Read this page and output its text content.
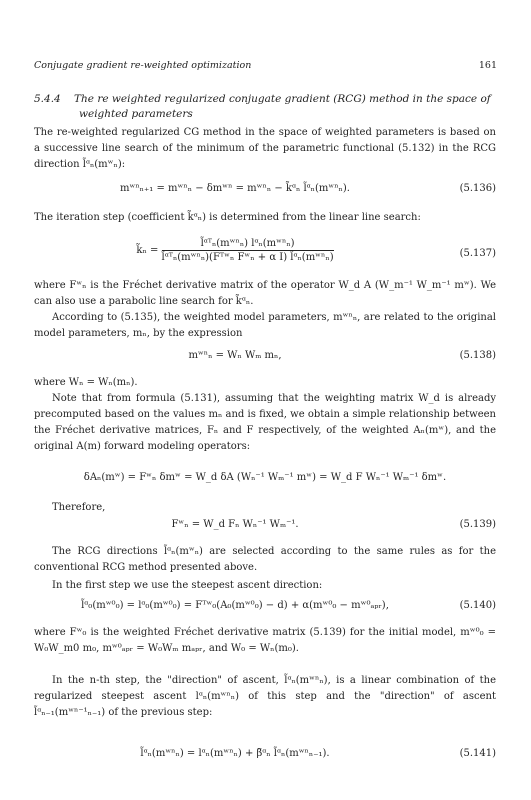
Conjugate gradient re-weighted optimization	161
5.4.4 The re weighted regularized conjugate gradient (RCG) method in the space of
weighted parameters
The re-weighted regularized CG method in the space of weighted parameters is based on a successive line search of the minimum of the parametric functional (5.132) in the RCG direction l̃ᵅₙ(mʷₙ):
mʷⁿₙ₊₁ = mʷⁿₙ − δmʷⁿ = mʷⁿₙ − k̃ᵅₙ l̃ᵅₙ(mʷⁿₙ).	(5.136)
The iteration step (coefficient k̃ᵅₙ) is determined from the linear line search:
k̃ₙ = $\frac{\text{l̃ᵅᵀₙ(mʷⁿₙ) lᵅₙ(mʷⁿₙ)}}{\text{l̃ᵅᵀₙ(mʷⁿₙ)(Fᵀʷₙ Fʷₙ + α I) l̃ᵅₙ(mʷⁿₙ)}}$	(5.137)
where Fʷₙ is the Fréchet derivative matrix of the operator W_d A (W_m⁻¹ W_m⁻¹ mʷ). We can also use a parabolic line search for k̃ᵅₙ.
According to (5.135), the weighted model parameters, mʷⁿₙ, are related to the original model parameters, mₙ, by the expression
mʷⁿₙ = Wₙ Wₘ mₙ,	(5.138)
where Wₙ = Wₙ(mₙ).
Note that from formula (5.131), assuming that the weighting matrix W_d is already precomputed based on the values mₙ and is fixed, we obtain a simple relationship between the Fréchet derivative matrices, Fₙ and F respectively, of the weighted Aₙ(mʷ), and the original A(m) forward modeling operators:
δAₙ(mʷ) = Fʷₙ δmʷ = W_d δA (Wₙ⁻¹ Wₘ⁻¹ mʷ) = W_d F Wₙ⁻¹ Wₘ⁻¹ δmʷ.
Therefore,
Fʷₙ = W_d Fₙ Wₙ⁻¹ Wₘ⁻¹.	(5.139)
The RCG directions l̃ᵅₙ(mʷₙ) are selected according to the same rules as for the conventional RCG method presented above.
In the first step we use the steepest ascent direction:
l̃ᵅ₀(mʷ⁰₀) = lᵅ₀(mʷ⁰₀) = Fᵀʷ₀(A₀(mʷ⁰₀) − d) + α(mʷ⁰₀ − mʷ⁰ₐₚᵣ),	(5.140)
where Fʷ₀ is the weighted Fréchet derivative matrix (5.139) for the initial model, mʷ⁰₀ = W₀W_m0 m₀, mʷ⁰ₐₚᵣ = W₀Wₘ mₐₚᵣ, and W₀ = Wₙ(m₀).
In the n-th step, the "direction" of ascent, l̃ᵅₙ(mʷⁿₙ), is a linear combination of the regularized steepest ascent lᵅₙ(mʷⁿₙ) of this step and the "direction" of ascent l̃ᵅₙ₋₁(mʷⁿ⁻¹ₙ₋₁) of the previous step:
l̃ᵅₙ(mʷⁿₙ) = lᵅₙ(mʷⁿₙ) + β̃ᵅₙ l̃ᵅₙ(mʷⁿₙ₋₁).	(5.141)
